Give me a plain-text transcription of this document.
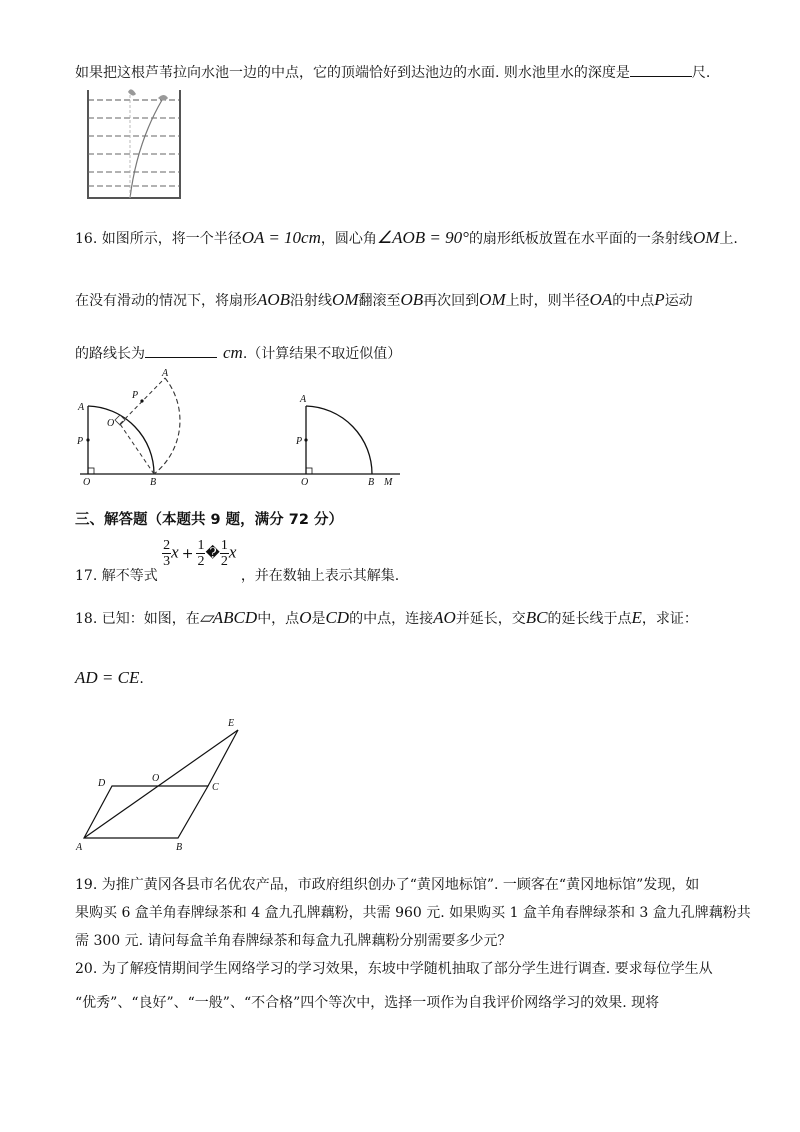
如果把这根芦苇拉向水池一边的中点，它的顶端恰好到达池边的水面. 则水池里水的深度是	尺.
16. 如图所示，将一个半径OA = 10cm，圆心角∠AOB = 90°的扇形纸板放置在水平面的一条射线OM上.
在没有滑动的情况下，将扇形AOB沿射线OM翻滚至OB再次回到OM上时，则半径OA的中点P运动
的路线长为	cm.（计算结果不取近似值）
A
P
O	B
O
P
A
A
P
O	B M
三、解答题（本题共 9 题，满分 72 分）
17. 解不等式
$\frac{2}{3}$ $x + \frac{1}{2}$ � $\frac{1}{2}$ x ，并在数轴上表示其解集.
18. 已知：如图，在▱ABCD中，点O是CD的中点，连接AO并延长，交BC的延长线于点E，求证：
AD = CE.
A	B
C
D	O
E
19. 为推广黄冈各县市名优农产品，市政府组织创办了“黄冈地标馆”. 一顾客在“黄冈地标馆”发现，如
果购买 6 盒羊角春牌绿茶和 4 盒九孔牌藕粉，共需 960 元. 如果购买 1 盒羊角春牌绿茶和 3 盒九孔牌藕粉共
需 300 元. 请问每盒羊角春牌绿茶和每盒九孔牌藕粉分别需要多少元？
20. 为了解疫情期间学生网络学习的学习效果，东坡中学随机抽取了部分学生进行调查. 要求每位学生从
“优秀”、“良好”、“一般”、“不合格”四个等次中，选择一项作为自我评价网络学习的效果. 现将
